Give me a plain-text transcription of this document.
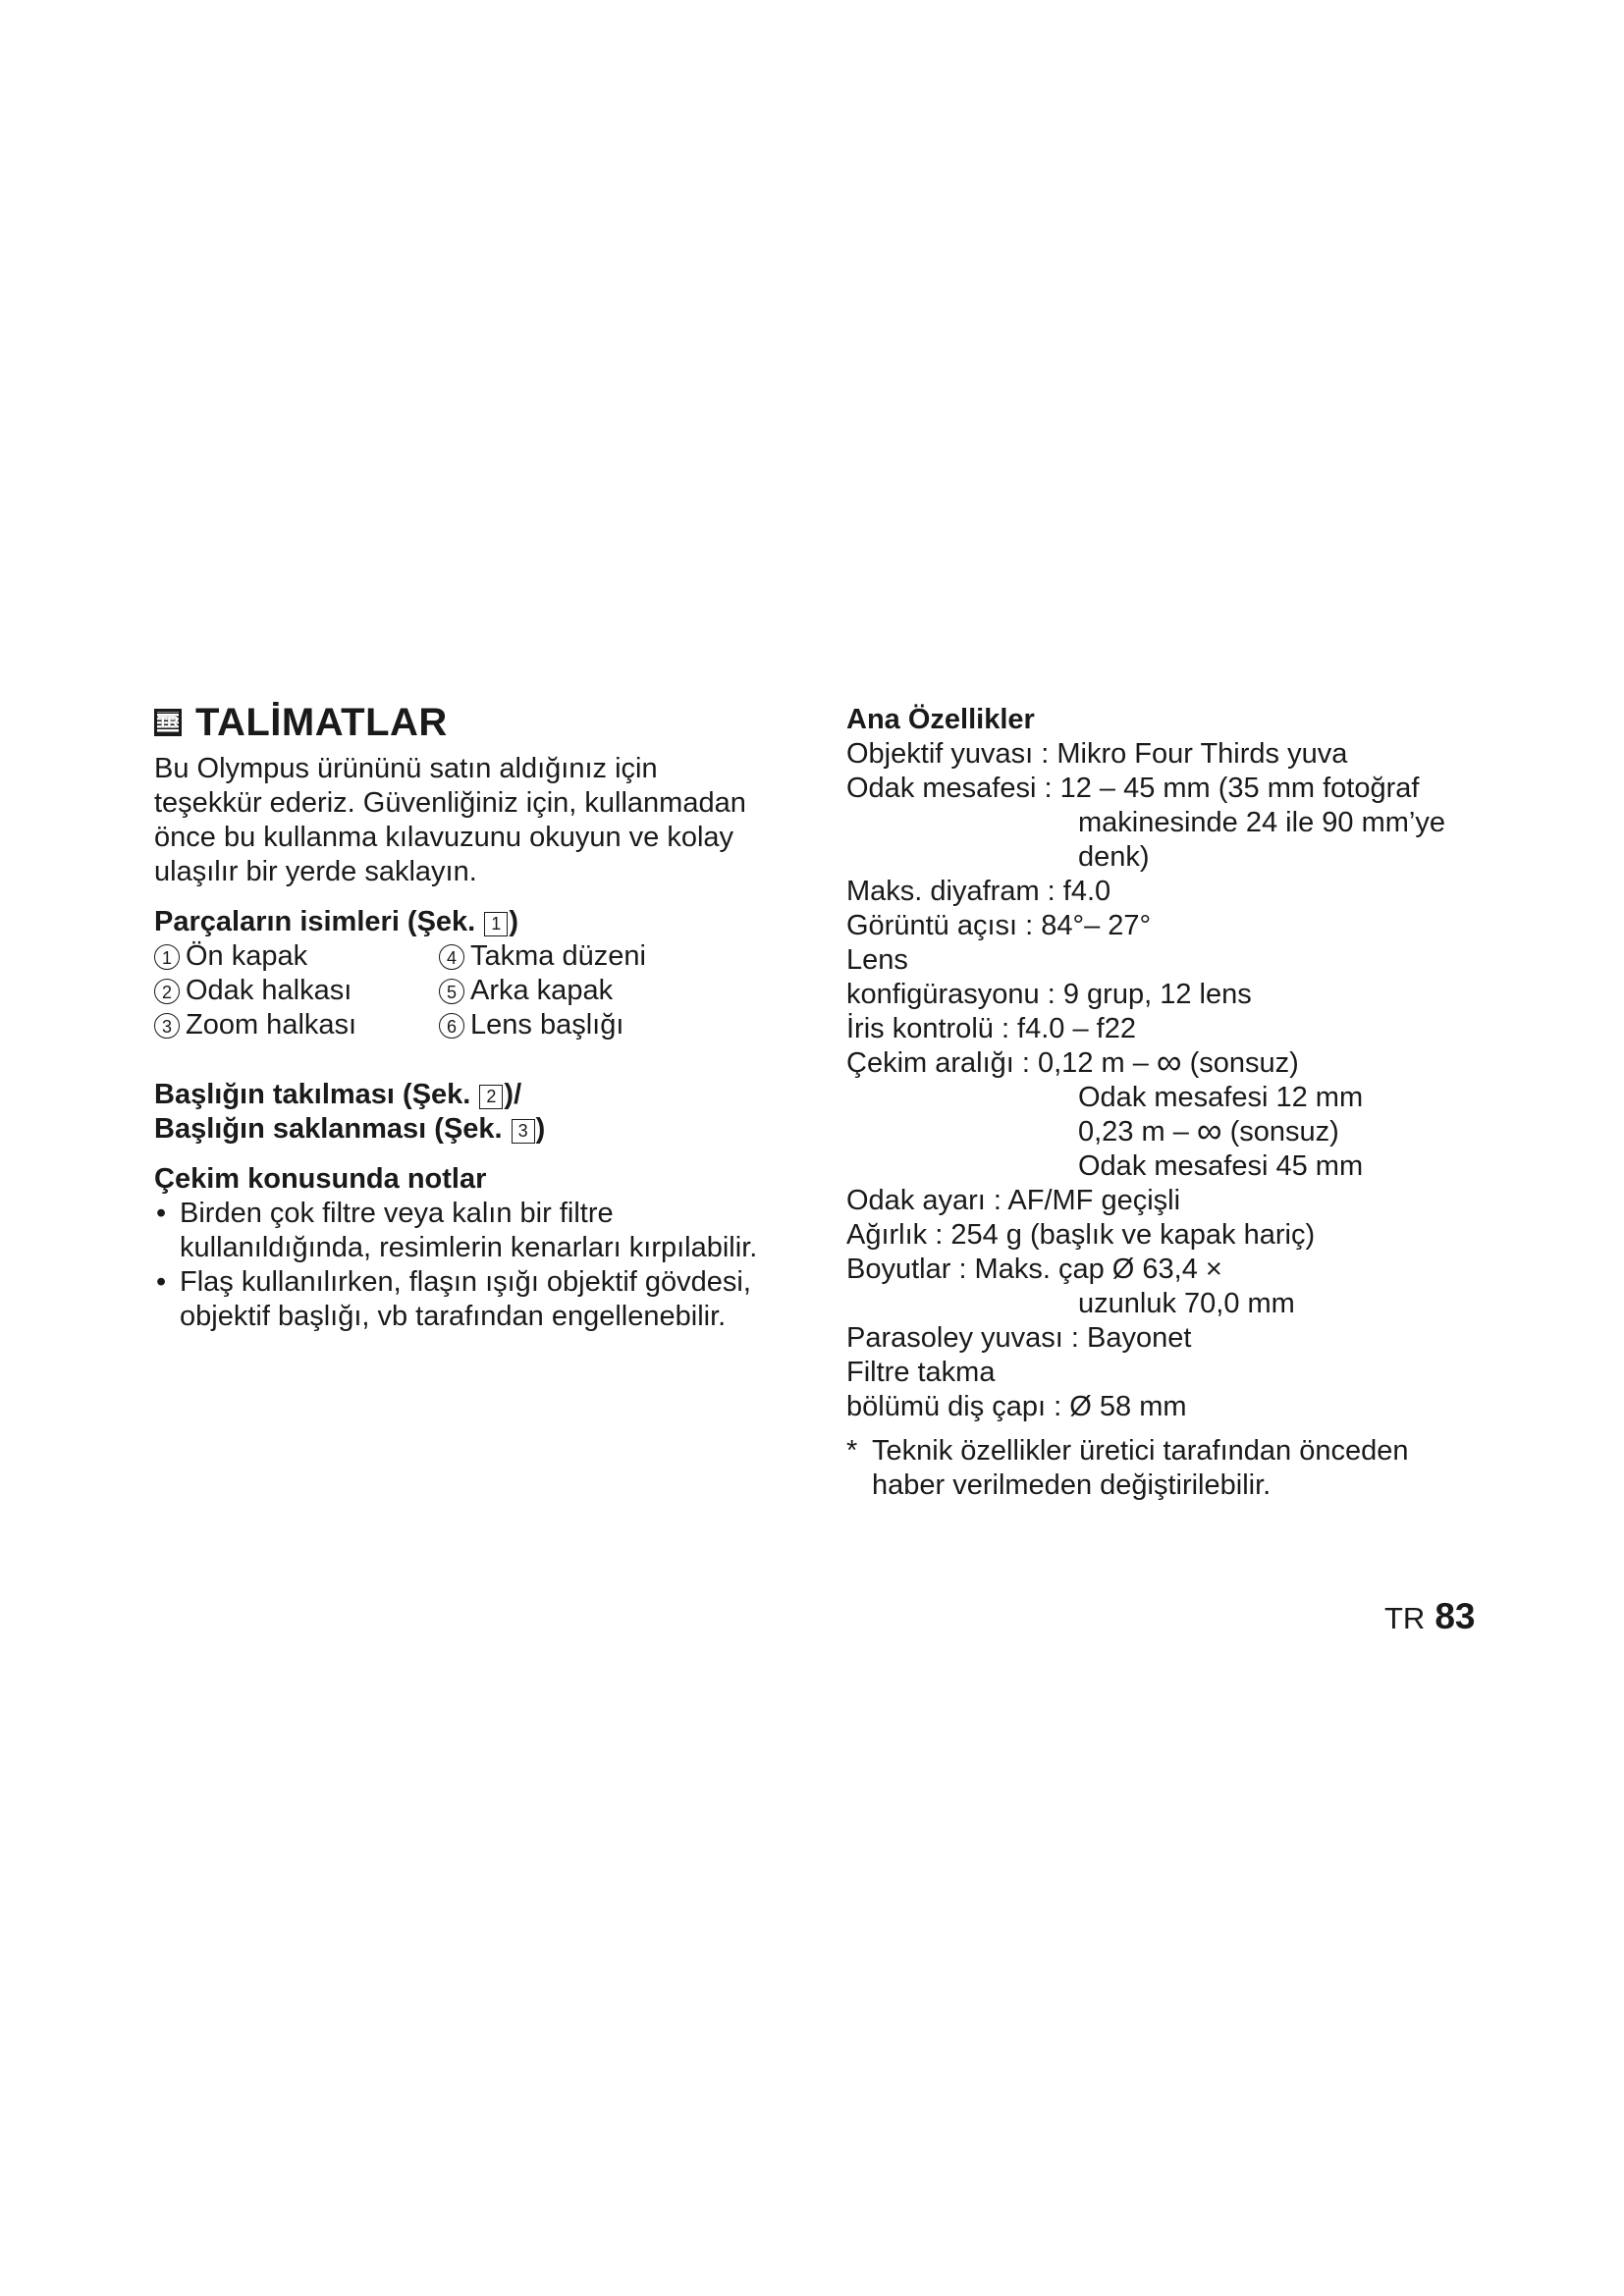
TR TALİMATLAR
Bu Olympus ürününü satın aldığınız için
teşekkür ederiz. Güvenliğiniz için, kullanmadan
önce bu kullanma kılavuzunu okuyun ve kolay
ulaşılır bir yerde saklayın.
Parçaların isimleri (Şek. 1 )
1 Ön kapak	4 Takma düzeni
2 Odak halkası	5 Arka kapak
3 Zoom halkası	6 Lens başlığı
Başlığın takılması (Şek. 2 )/
Başlığın saklanması (Şek. 3 )
Çekim konusunda notlar
• Birden çok filtre veya kalın bir filtre
kullanıldığında, resimlerin kenarları kırpılabilir.
• Flaş kullanılırken, flaşın ışığı objektif gövdesi,
objektif başlığı, vb tarafından engellenebilir.
Ana Özellikler
Objektif yuvası : Mikro Four Thirds yuva
Odak mesafesi : 12 – 45 mm (35 mm fotoğraf
makinesinde 24 ile 90 mm’ye
denk)
Maks. diyafram : f4.0
Görüntü açısı : 84°– 27°
Lens
konfigürasyonu : 9 grup, 12 lens
İris kontrolü : f4.0 – f22
Çekim aralığı : 0,12 m – ∞ (sonsuz)
Odak mesafesi 12 mm
0,23 m – ∞ (sonsuz)
Odak mesafesi 45 mm
Odak ayarı : AF/MF geçişli
Ağırlık : 254 g (başlık ve kapak hariç)
Boyutlar : Maks. çap Ø 63,4 ×
uzunluk 70,0 mm
Parasoley yuvası : Bayonet
Filtre takma
bölümü diş çapı : Ø 58 mm
* Teknik özellikler üretici tarafından önceden
haber verilmeden değiştirilebilir.
TR 83
